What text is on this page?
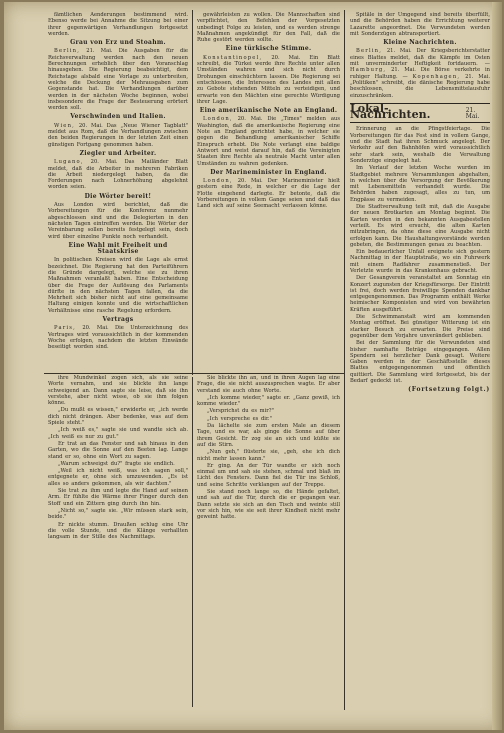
fämtlichen Aenderungen bestimmend wird. Ebenso werde bei Annahme die Sitzung bei einer ihrer gegenwärtigen Verhandlungen fortgesetzt werden.

Grau von Erz und Stoahm.

Berlin, 21. Mai. Die Ausgaben für die Reichsverwaltung werden nach den neuen Berechnungen erheblich über den Voranschlag hinausgehen. Die Regierung beabsichtigt, dem Reichstage alsbald eine Vorlage zu unterbreiten, welche die Deckung der Mehrausgaben zum Gegenstande hat. Die Verhandlungen darüber werden in der nächsten Woche beginnen, wobei insbesondere die Frage der Besteuerung erörtert werden soll.

Verschwinden und Italien.

Wien, 20. Mai. Das „Neue Wiener Tagblatt" meldet aus Rom, daß die Verhandlungen zwischen den beiden Regierungen in der letzten Zeit einen günstigen Fortgang genommen haben.

Ziegler und Arbeiter.

Lugano, 20. Mai. Das Mailänder Blatt meldet, daß die Arbeiter in mehreren Fabriken die Arbeit niedergelegt haben, da die Forderungen nach Lohnerhöhung abgelehnt worden seien.

Die Wörter bereit!

Aus London wird berichtet, daß die Vorbereitungen für die Konferenz nunmehr abgeschlossen sind und die Delegierten in den nächsten Tagen eintreffen werden. Die Wörter der Vereinbarung sollen bereits festgelegt sein, doch wird über einzelne Punkte noch verhandelt.

Eine Wahl mit Freiheit und Staatskrise

In politischen Kreisen wird die Lage als ernst bezeichnet. Die Regierung hat den Parteiführern die Gründe dargelegt, welche sie zu ihren Maßnahmen veranlaßt haben. Eine Entscheidung über die Frage der Auflösung des Parlaments dürfte in den nächsten Tagen fallen, da die Mehrheit sich bisher nicht auf eine gemeinsame Haltung einigen konnte und die wirtschaftlichen Verhältnisse eine rasche Regelung erfordern.

Vertrags

Paris, 20. Mai. Die Unterzeichnung des Vertrages wird voraussichtlich in der kommenden Woche erfolgen, nachdem die letzten Einwände beseitigt worden sind.

gewährleisten zu wollen. Die Mannschaften sind verpflichtet, den Befehlen der Vorgesetzten unbedingt Folge zu leisten, und es werden strenge Maßnahmen angekündigt für den Fall, daß die Ruhe gestört werden sollte.

Eine türkische Stimme.

Konstantinopel, 20. Mai. Ein Blatt schreibt, die Türkei werde ihre Rechte unter allen Umständen wahren und sich nicht durch Drohungen einschüchtern lassen. Die Regierung sei entschlossen, die Interessen des Landes mit allen zu Gebote stehenden Mitteln zu verteidigen, und erwarte von den Mächten eine gerechte Würdigung ihrer Lage.

Eine amerikanische Note an England.

London, 20. Mai. Die „Times" melden aus Washington, daß die amerikanische Regierung eine Note an England gerichtet habe, in welcher sie gegen die Behandlung amerikanischer Schiffe Einspruch erhebt. Die Note verlangt eine baldige Antwort und weist darauf hin, daß die Vereinigten Staaten ihre Rechte als neutrale Macht unter allen Umständen zu wahren gedenken.

Der Marineminister in England.

London, 20. Mai. Der Marineminister hielt gestern eine Rede, in welcher er die Lage der Flotte eingehend darlegte. Er betonte, daß die Vorbereitungen in vollem Gange seien und daß das Land sich auf seine Seemacht verlassen könne.

Spitäle in der Umgegend sind bereits überfüllt, und die Behörden haben die Errichtung weiterer Lazarette angeordnet. Die Verwundeten werden mit Sonderzügen abtransportiert.

Kleine Nachrichten.

Berlin, 21. Mai. Der Kriegsberichterstatter eines Blattes meldet, daß die Kämpfe im Osten mit unverminderter Heftigkeit fortdauern. — Hamburg, 21. Mai. Die Börse verkehrte in ruhiger Haltung. — Kopenhagen, 21. Mai. „Politiken" schreibt, die dänische Regierung habe beschlossen, die Lebensmittelausfuhr einzuschränken.

Lokal-Nachrichten.	21. Mai.

Erinnerung an die Pfingstfeiertage. Die Vorbereitungen für das Fest sind in vollem Gange, und die Stadt hat ihren Schmuck angelegt. Der Verkehr auf den Bahnhöfen wird voraussichtlich sehr stark sein, weshalb die Verwaltung Sonderzüge eingelegt hat.

Im Verlauf der letzten Woche wurden im Stadtgebiet mehrere Versammlungen abgehalten, in welchen über die Versorgung der Bevölkerung mit Lebensmitteln verhandelt wurde. Die Behörden haben zugesagt, alles zu tun, um Engpässe zu vermeiden.

Die Stadtverwaltung teilt mit, daß die Ausgabe der neuen Brotkarten am Montag beginnt. Die Karten werden in den bekannten Ausgabestellen verteilt. Es wird ersucht, die alten Karten mitzubringen, da ohne diese eine Ausgabe nicht erfolgen kann. Die Haushaltungsvorstände werden gebeten, die Bestimmungen genau zu beachten.

Ein bedauerlicher Unfall ereignete sich gestern Nachmittag in der Hauptstraße, wo ein Fuhrwerk mit einem Radfahrer zusammenstieß. Der Verletzte wurde in das Krankenhaus gebracht.

Der Gesangverein veranstaltet am Sonntag ein Konzert zugunsten der Kriegsfürsorge. Der Eintritt ist frei, doch werden freiwillige Spenden dankbar entgegengenommen. Das Programm enthält Werke heimischer Komponisten und wird von bewährten Kräften ausgeführt.

Die Schwimmanstalt wird am kommenden Montag eröffnet. Bei günstiger Witterung ist ein starker Besuch zu erwarten. Die Preise sind gegenüber dem Vorjahre unverändert geblieben.

Bei der Sammlung für die Verwundeten sind bisher namhafte Beträge eingegangen. Allen Spendern sei herzlicher Dank gesagt. Weitere Gaben werden in der Geschäftsstelle dieses Blattes entgegengenommen und öffentlich quittiert. Die Sammlung wird fortgesetzt, bis der Bedarf gedeckt ist.

(Fortsetzung folgt.)

ihre Mundwinkel zogen sich, als sie seine Worte vernahm, und sie blickte ihn lange schweigend an. Dann sagte sie leise, daß sie ihn verstehe, aber nicht wisse, ob sie ihm folgen könne.

„Du mußt es wissen," erwiderte er, „ich werde dich nicht drängen. Aber bedenke, was auf dem Spiele steht."

„Ich weiß es," sagte sie und wandte sich ab. „Ich weiß es nur zu gut."

Er trat an das Fenster und sah hinaus in den Garten, wo die Sonne auf den Beeten lag. Lange stand er so, ohne ein Wort zu sagen.

„Warum schweigst du?" fragte sie endlich.

„Weil ich nicht weiß, was ich sagen soll," entgegnete er, ohne sich umzuwenden. „Es ist alles so anders gekommen, als wir dachten."

Sie trat zu ihm und legte die Hand auf seinen Arm. Er fühlte die Wärme ihrer Finger durch den Stoff und ein Zittern ging durch ihn hin.

„Nicht so," sagte sie. „Wir müssen stark sein, beide."

Er nickte stumm. Draußen schlug eine Uhr die volle Stunde, und die Klänge verhallten langsam in der Stille des Nachmittags.

Sie blickte ihn an, und in ihren Augen lag eine Frage, die sie nicht auszusprechen wagte. Er aber verstand sie auch ohne Worte.

„Ich komme wieder," sagte er. „Ganz gewiß, ich komme wieder."

„Versprichst du es mir?"

„Ich verspreche es dir."

Da lächelte sie zum ersten Male an diesem Tage, und es war, als ginge die Sonne auf über ihrem Gesicht. Er zog sie an sich und küßte sie auf die Stirn.

„Nun geh," flüsterte sie, „geh, ehe ich dich nicht mehr lassen kann."

Er ging. An der Tür wandte er sich noch einmal um und sah sie stehen, schmal und blaß im Licht des Fensters. Dann fiel die Tür ins Schloß, und seine Schritte verklangen auf der Treppe.

Sie stand noch lange so, die Hände gefaltet, und sah auf die Tür, durch die er gegangen war. Dann setzte sie sich an den Tisch und weinte still vor sich hin, wie sie seit ihrer Kindheit nicht mehr geweint hatte.
